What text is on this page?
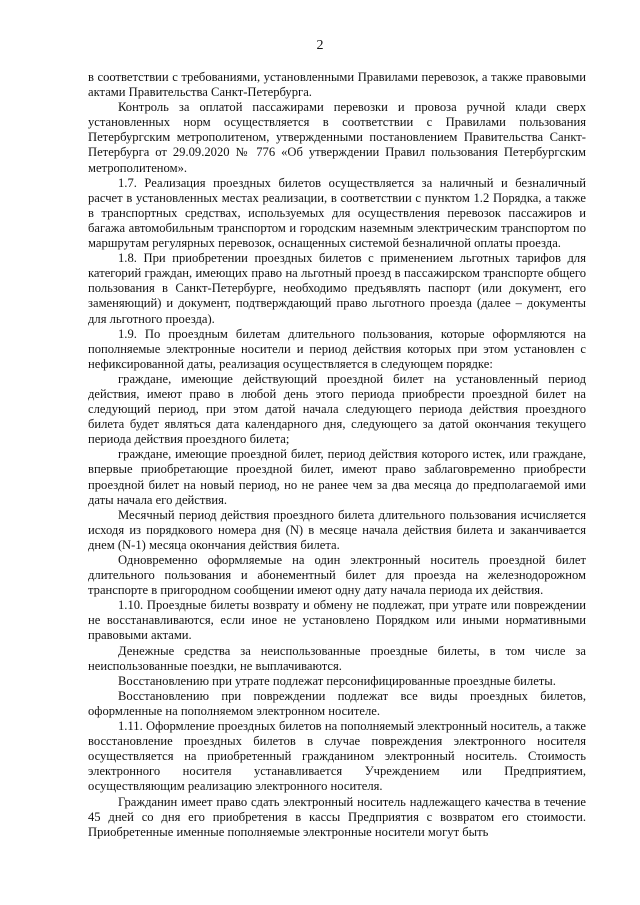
2

в соответствии с требованиями, установленными Правилами перевозок, а также правовыми актами Правительства Санкт-Петербурга.

Контроль за оплатой пассажирами перевозки и провоза ручной клади сверх установленных норм осуществляется в соответствии с Правилами пользования Петербургским метрополитеном, утвержденными постановлением Правительства Санкт-Петербурга от 29.09.2020 № 776 «Об утверждении Правил пользования Петербургским метрополитеном».

1.7. Реализация проездных билетов осуществляется за наличный и безналичный расчет в установленных местах реализации, в соответствии с пунктом 1.2 Порядка, а также в транспортных средствах, используемых для осуществления перевозок пассажиров и багажа автомобильным транспортом и городским наземным электрическим транспортом по маршрутам регулярных перевозок, оснащенных системой безналичной оплаты проезда.

1.8. При приобретении проездных билетов с применением льготных тарифов для категорий граждан, имеющих право на льготный проезд в пассажирском транспорте общего пользования в Санкт-Петербурге, необходимо предъявлять паспорт (или документ, его заменяющий) и документ, подтверждающий право льготного проезда (далее – документы для льготного проезда).

1.9. По проездным билетам длительного пользования, которые оформляются на пополняемые электронные носители и период действия которых при этом установлен с нефиксированной даты, реализация осуществляется в следующем порядке:

граждане, имеющие действующий проездной билет на установленный период действия, имеют право в любой день этого периода приобрести проездной билет на следующий период, при этом датой начала следующего периода действия проездного билета будет являться дата календарного дня, следующего за датой окончания текущего периода действия проездного билета;

граждане, имеющие проездной билет, период действия которого истек, или граждане, впервые приобретающие проездной билет, имеют право заблаговременно приобрести проездной билет на новый период, но не ранее чем за два месяца до предполагаемой ими даты начала его действия.

Месячный период действия проездного билета длительного пользования исчисляется исходя из порядкового номера дня (N) в месяце начала действия билета и заканчивается днем (N-1) месяца окончания действия билета.

Одновременно оформляемые на один электронный носитель проездной билет длительного пользования и абонементный билет для проезда на железнодорожном транспорте в пригородном сообщении имеют одну дату начала периода их действия.

1.10. Проездные билеты возврату и обмену не подлежат, при утрате или повреждении не восстанавливаются, если иное не установлено Порядком или иными нормативными правовыми актами.

Денежные средства за неиспользованные проездные билеты, в том числе за неиспользованные поездки, не выплачиваются.

Восстановлению при утрате подлежат персонифицированные проездные билеты.

Восстановлению при повреждении подлежат все виды проездных билетов, оформленные на пополняемом электронном носителе.

1.11. Оформление проездных билетов на пополняемый электронный носитель, а также восстановление проездных билетов в случае повреждения электронного носителя осуществляется на приобретенный гражданином электронный носитель. Стоимость электронного носителя устанавливается Учреждением или Предприятием, осуществляющим реализацию электронного носителя.

Гражданин имеет право сдать электронный носитель надлежащего качества в течение 45 дней со дня его приобретения в кассы Предприятия с возвратом его стоимости. Приобретенные именные пополняемые электронные носители могут быть
